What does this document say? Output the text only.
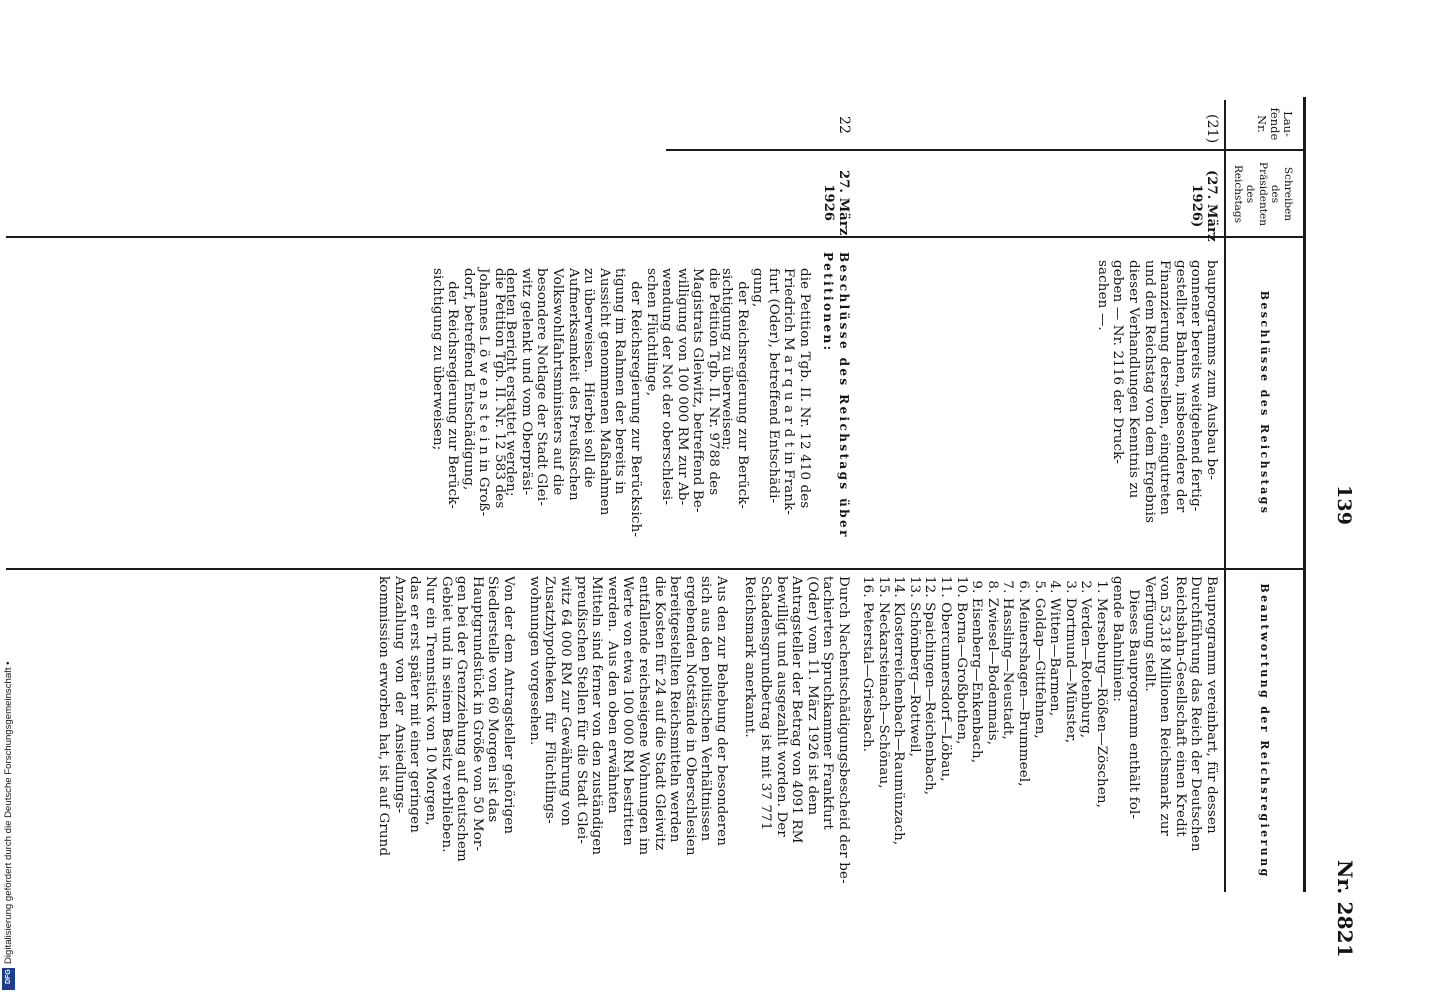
139
Nr. 2821
Lau-
fende
Nr.
Schreiben
des
Präsidenten
des
Reichstags
Beschlüsse des Reichstags
Beantwortung der Reichsregierung
(21)
(27. März
1926)
bauprogramms zum Ausbau be-
gonnener bereits weitgehend fertig-
gestellter Bahnen, insbesondere der
Finanzierung derselben, eingutreten
und dem Reichstag von dem Ergebnis
dieser Verhandlungen Kenntnis zu
geben — Nr. 2116 der Druck-
sachen —.
Bauprogramm vereinbart, für dessen
Durchführung das Reich der Deutschen
Reichsbahn-Gesellschaft einen Kredit
von 53,318 Millionen Reichsmark zur
Verfügung stellt.
Dieses Bauprogramm enthält fol-
gende Bahnlinien:
1. Merseburg—Rößen—Zöschen,
2. Verden—Rotenburg,
3. Dortmund—Münster,
4. Witten—Barmen,
5. Goldap—Gittfehnen,
6. Meinershagen—Brummeel,
7. Hassling—Neustadt,
8. Zwiesel—Bodenmais,
9. Eisenberg—Enkenbach,
10. Borna—Großbothen,
11. Obercunnersdorf—Löbau,
12. Spaichingen—Reichenbach,
13. Schömberg—Rottweil,
14. Klosterreichenbach—Raumünzach,
15. Neckarsteinach—Schönau,
16. Peterstal—Griesbach.
22
27. März
1926
Beschlüsse des Reichstags über
Petitionen:
die Petition Tgb. II. Nr. 12 410 des
Friedrich M a r q u a r d t in Frank-
furt (Oder), betreffend Entschädi-
gung,
der Reichsregierung zur Berück-
sichtigung zu überweisen;
die Petition Tgb. II. Nr. 9788 des
Magistrats Gleiwitz, betreffend Be-
willigung von 100 000 RM zur Ab-
wendung der Not der oberschlesi-
schen Flüchtlinge,
der Reichsregierung zur Berücksich-
tigung im Rahmen der bereits in
Aussicht genommenen Maßnahmen
zu überweisen.  Hierbei soll die
Aufmerksamkeit des Preußischen
Volkswohlfahrtsministers auf die
besondere Notlage der Stadt Glei-
witz gelenkt und vom Oberpräsi-
denten Bericht erstattet werden;
die Petition Tgb. II. Nr. 12 583 des
Johannes L ö w e n s t e i n in Groß-
dorf, betreffend Entschädigung,
der Reichsregierung zur Berück-
sichtigung zu überweisen;
Durch Nachentschädigungsbescheid der be-
tachierten Spruchkammer Frankfurt
(Oder) vom 11. März 1926 ist dem
Antragsteller der Betrag von 4091 RM
bewilligt und ausgezahlt worden. Der
Schadensgrundbetrag ist mit 37 771
Reichsmark anerkannt.
Aus den zur Behebung der besonderen
sich aus den politischen Verhältnissen
ergebenden Notstände in Oberschlesien
bereitgestellten Reichsmitteln werden
die Kosten für 24 auf die Stadt Gleiwitz
entfallende reichseigene Wohnungen im
Werte von etwa 100 000 RM bestritten
werden.  Aus den oben erwähnten
Mitteln sind ferner von den zuständigen
preußischen Stellen für die Stadt Glei-
witz 64 000 RM zur Gewährung von
Zusatzhypotheken  für  Flüchtlings-
wohnungen vorgesehen.
Von der dem Antragsteller gehörigen
Siedlerstelle von 60 Morgen ist das
Hauptgrundstück in Größe von 50 Mor-
gen bei der Grenzziehung auf deutschem
Gebiet und in seinem Besitz verblieben.
Nur ein Trennstück von 10 Morgen,
das er erst später mit einer geringen
Anzahlung  von  der  Ansiedlungs-
kommission erworben hat, ist auf Grund
Digitalisierung gefördert durch die Deutsche Forschungsgemeinschaft •
DFG
